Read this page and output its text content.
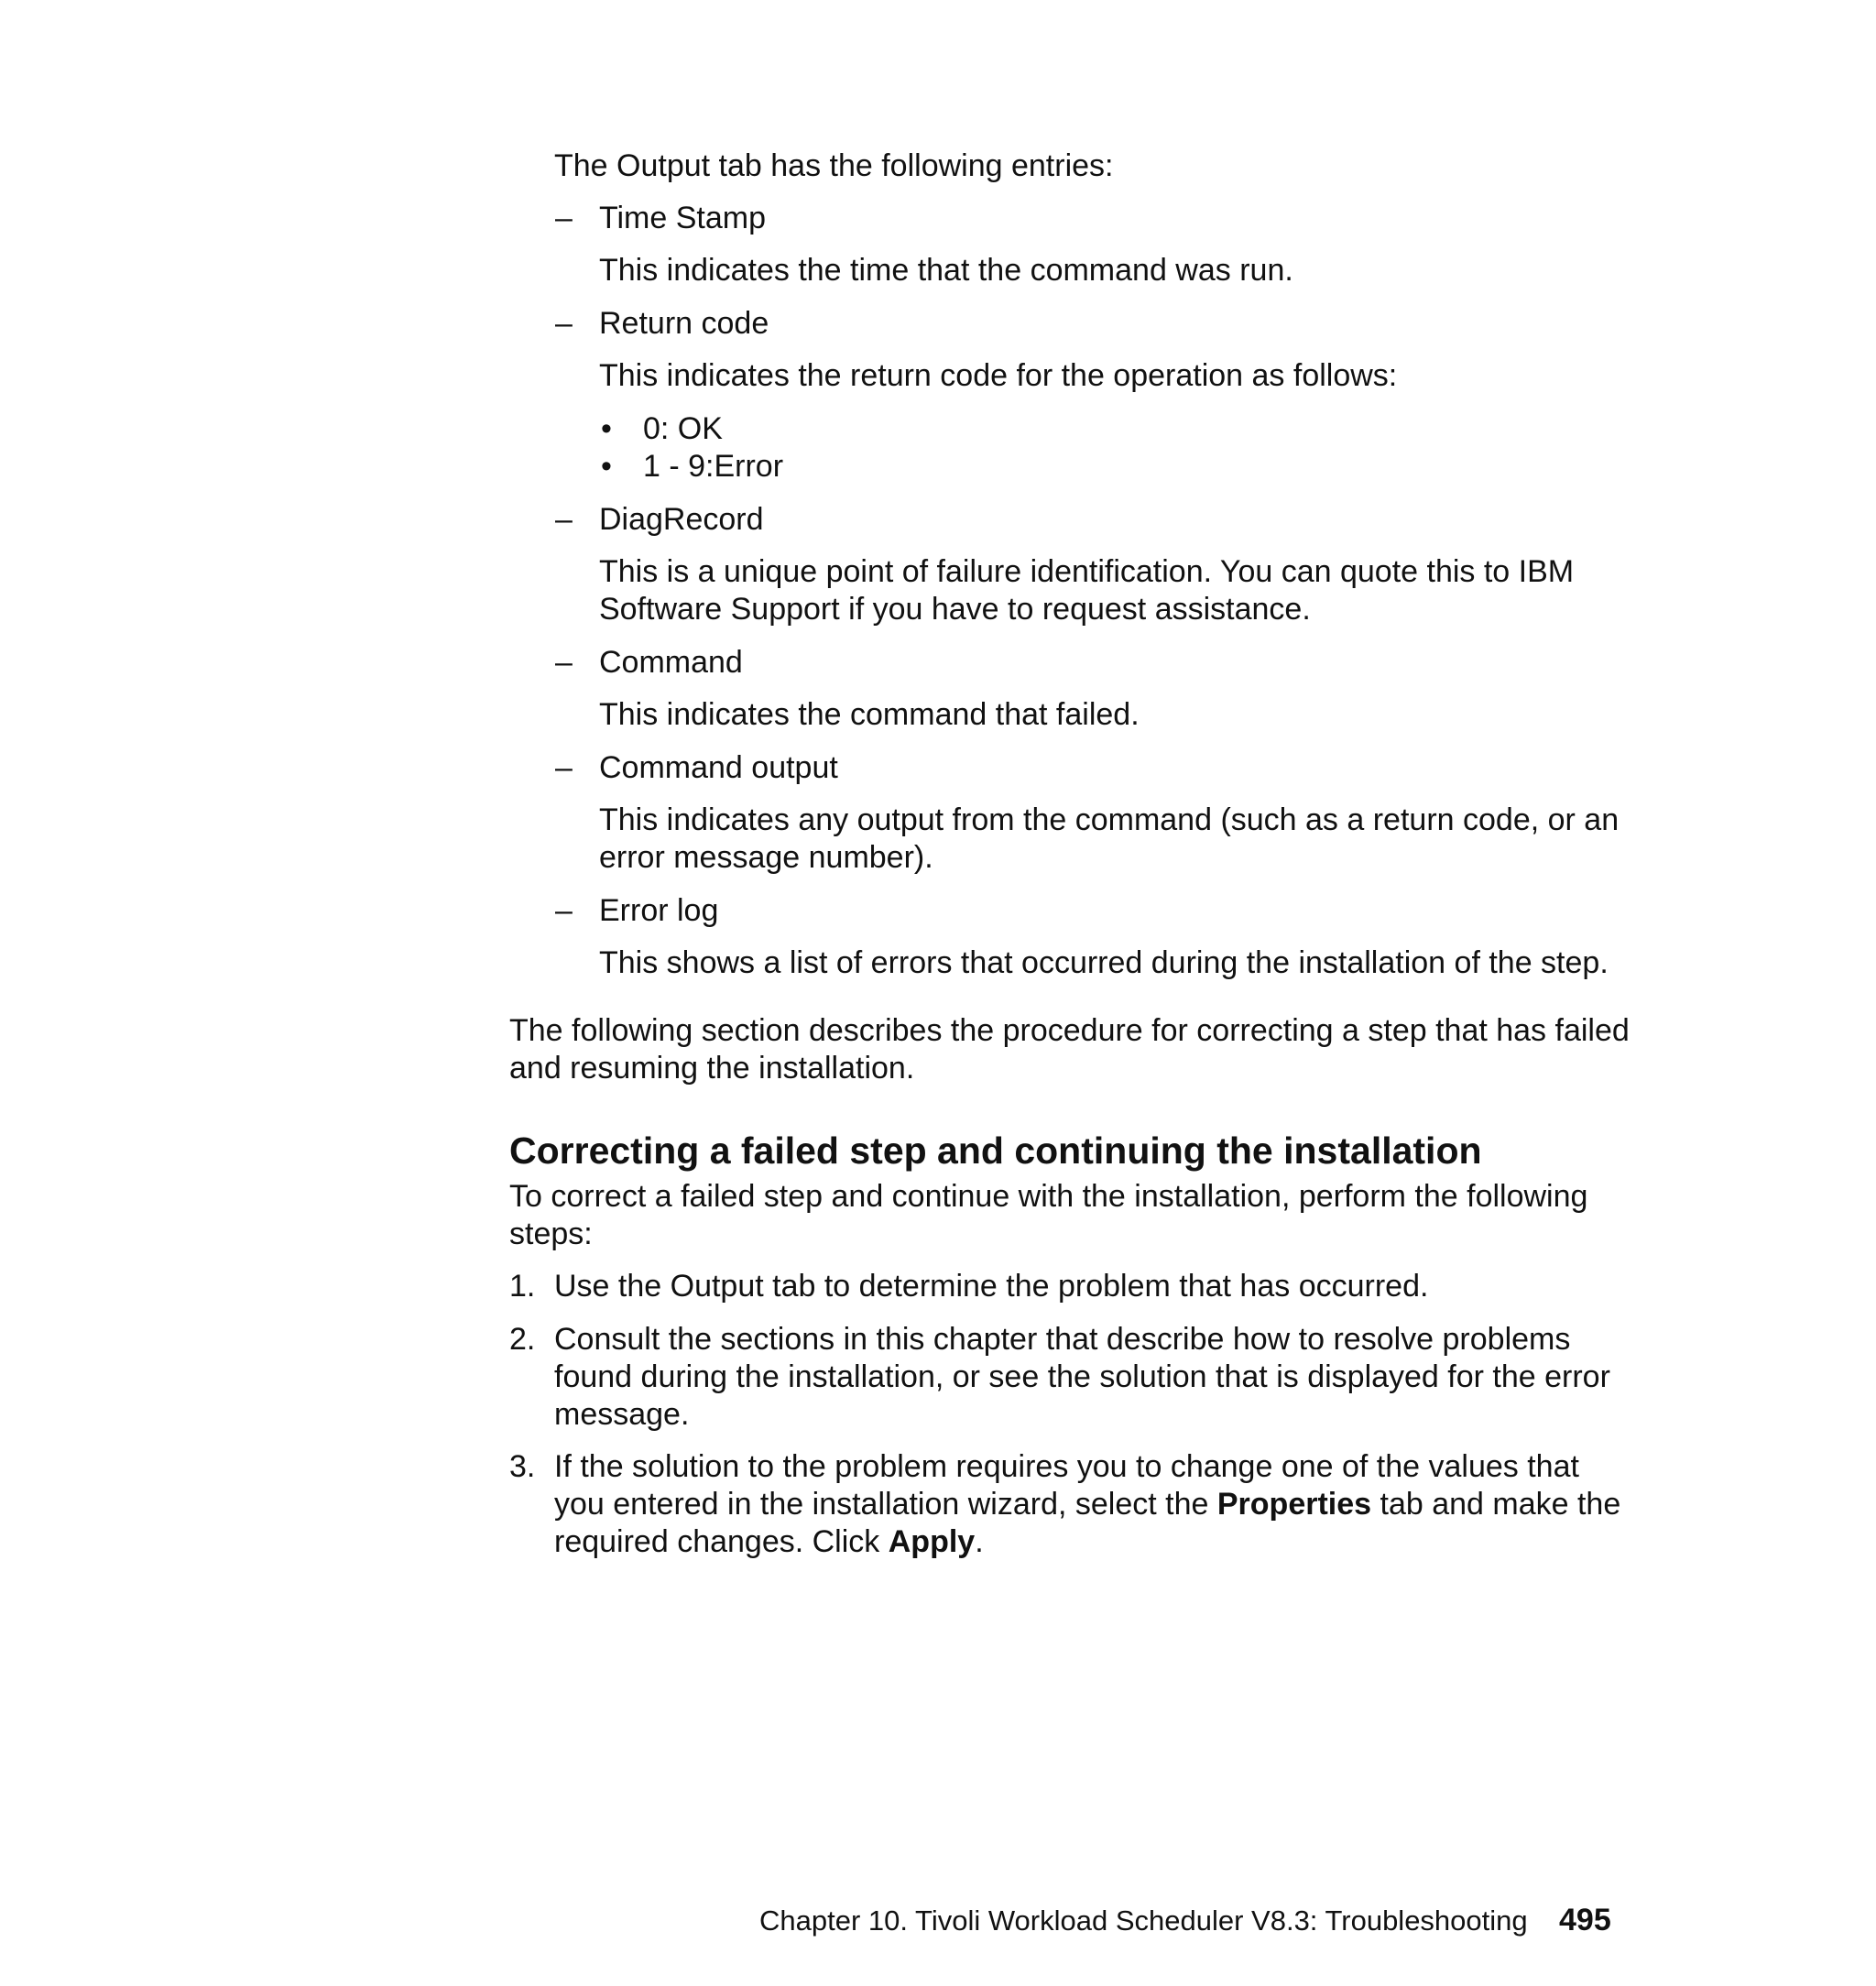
The Output tab has the following entries:

– Time Stamp

This indicates the time that the command was run.

– Return code

This indicates the return code for the operation as follows:

• 0: OK

• 1 - 9:Error

– DiagRecord

This is a unique point of failure identification. You can quote this to IBM

Software Support if you have to request assistance.

– Command

This indicates the command that failed.

– Command output

This indicates any output from the command (such as a return code, or an

error message number).

– Error log

This shows a list of errors that occurred during the installation of the step.

The following section describes the procedure for correcting a step that has failed

and resuming the installation.

Correcting a failed step and continuing the installation

To correct a failed step and continue with the installation, perform the following

steps:

1. Use the Output tab to determine the problem that has occurred.

2. Consult the sections in this chapter that describe how to resolve problems

found during the installation, or see the solution that is displayed for the error

message.

3. If the solution to the problem requires you to change one of the values that

you entered in the installation wizard, select the Properties tab and make the

required changes. Click Apply.

Chapter 10. Tivoli Workload Scheduler V8.3: Troubleshooting 495
